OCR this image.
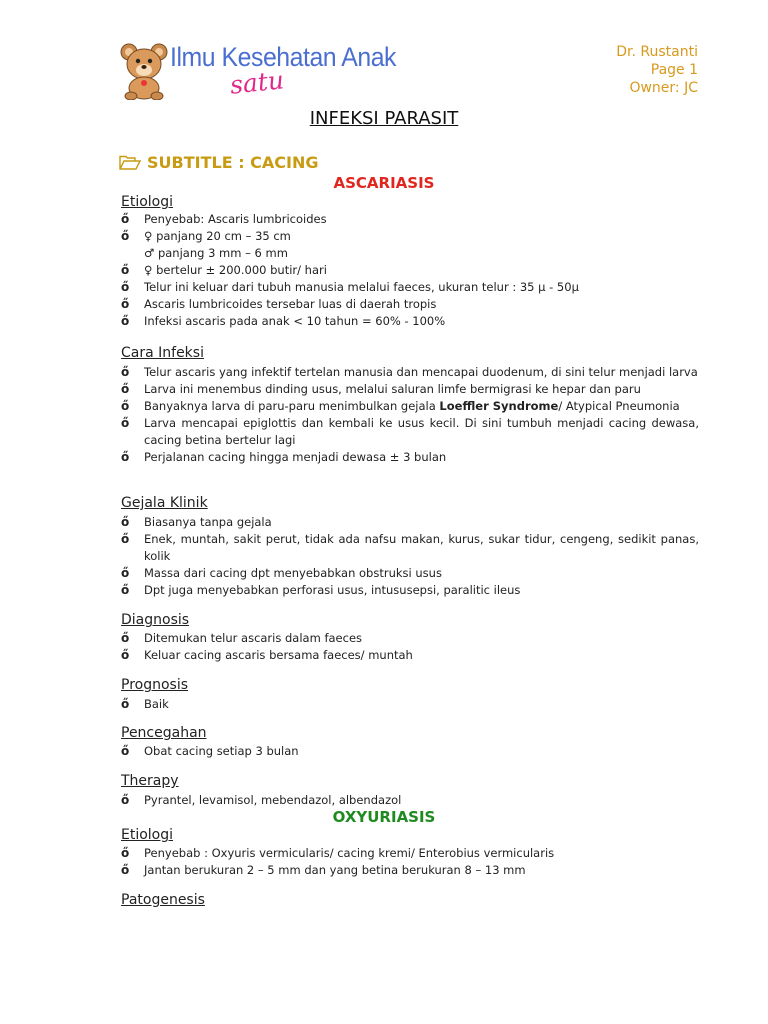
Ilmu Kesehatan Anak
satu
Dr. Rustanti
Page 1
Owner: JC
INFEKSI PARASIT
SUBTITLE : CACING
ASCARIASIS
Etiologi
ő Penyebab: Ascaris lumbricoides
ő ♀ panjang 20 cm – 35 cm
♂ panjang 3 mm – 6 mm
ő ♀ bertelur ± 200.000 butir/ hari
ő Telur ini keluar dari tubuh manusia melalui faeces, ukuran telur : 35 µ - 50µ
ő Ascaris lumbricoides tersebar luas di daerah tropis
ő Infeksi ascaris pada anak < 10 tahun = 60% - 100%
Cara Infeksi
ő Telur ascaris yang infektif tertelan manusia dan mencapai duodenum, di sini telur menjadi larva
ő Larva ini menembus dinding usus, melalui saluran limfe bermigrasi ke hepar dan paru
ő Banyaknya larva di paru-paru menimbulkan gejala Loeffler Syndrome/ Atypical Pneumonia
ő Larva mencapai epiglottis dan kembali ke usus kecil. Di sini tumbuh menjadi cacing dewasa, cacing betina bertelur lagi
ő Perjalanan cacing hingga menjadi dewasa ± 3 bulan
Gejala Klinik
ő Biasanya tanpa gejala
ő Enek, muntah, sakit perut, tidak ada nafsu makan, kurus, sukar tidur, cengeng, sedikit panas, kolik
ő Massa dari cacing dpt menyebabkan obstruksi usus
ő Dpt juga menyebabkan perforasi usus, intususepsi, paralitic ileus
Diagnosis
ő Ditemukan telur ascaris dalam faeces
ő Keluar cacing ascaris bersama faeces/ muntah
Prognosis
ő Baik
Pencegahan
ő Obat cacing setiap 3 bulan
Therapy
ő Pyrantel, levamisol, mebendazol, albendazol
OXYURIASIS
Etiologi
ő Penyebab : Oxyuris vermicularis/ cacing kremi/ Enterobius vermicularis
ő Jantan berukuran 2 – 5 mm dan yang betina berukuran 8 – 13 mm
Patogenesis
